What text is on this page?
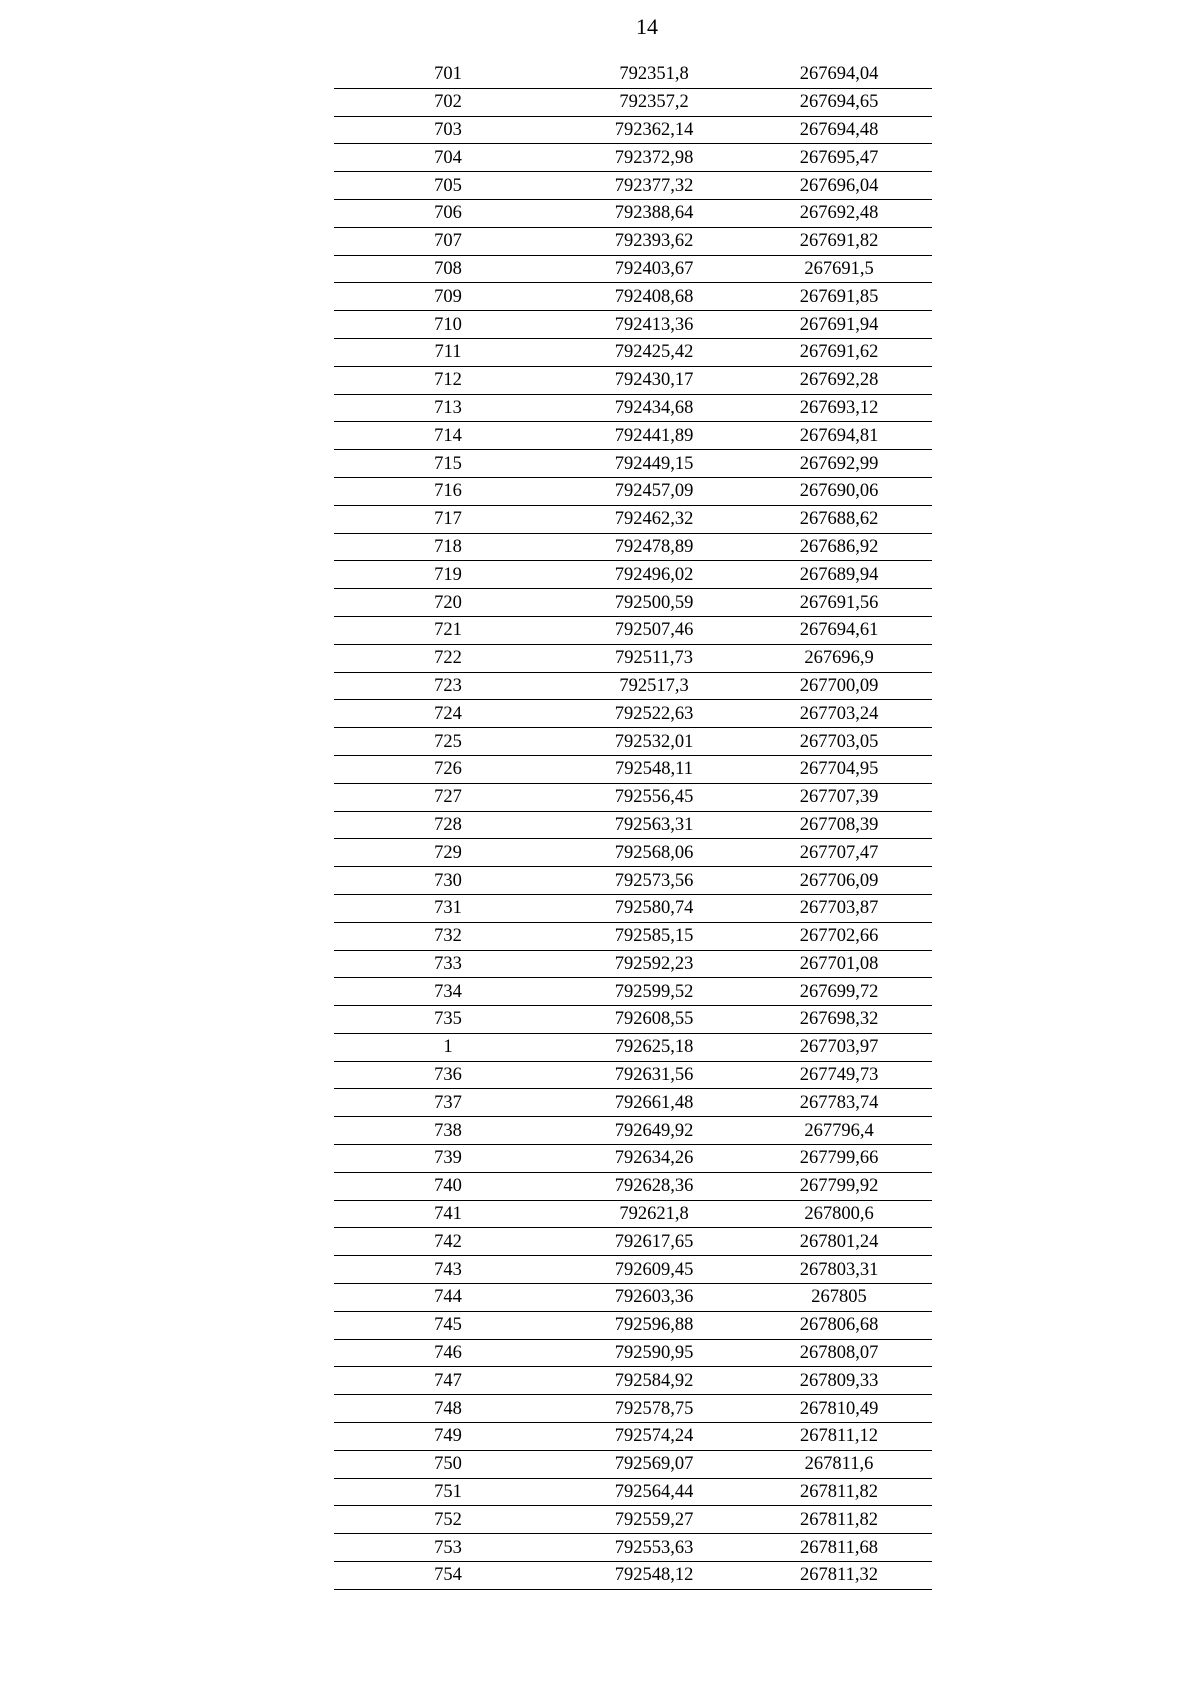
14
701	792351,8	267694,04
702	792357,2	267694,65
703	792362,14	267694,48
704	792372,98	267695,47
705	792377,32	267696,04
706	792388,64	267692,48
707	792393,62	267691,82
708	792403,67	267691,5
709	792408,68	267691,85
710	792413,36	267691,94
711	792425,42	267691,62
712	792430,17	267692,28
713	792434,68	267693,12
714	792441,89	267694,81
715	792449,15	267692,99
716	792457,09	267690,06
717	792462,32	267688,62
718	792478,89	267686,92
719	792496,02	267689,94
720	792500,59	267691,56
721	792507,46	267694,61
722	792511,73	267696,9
723	792517,3	267700,09
724	792522,63	267703,24
725	792532,01	267703,05
726	792548,11	267704,95
727	792556,45	267707,39
728	792563,31	267708,39
729	792568,06	267707,47
730	792573,56	267706,09
731	792580,74	267703,87
732	792585,15	267702,66
733	792592,23	267701,08
734	792599,52	267699,72
735	792608,55	267698,32
1	792625,18	267703,97
736	792631,56	267749,73
737	792661,48	267783,74
738	792649,92	267796,4
739	792634,26	267799,66
740	792628,36	267799,92
741	792621,8	267800,6
742	792617,65	267801,24
743	792609,45	267803,31
744	792603,36	267805
745	792596,88	267806,68
746	792590,95	267808,07
747	792584,92	267809,33
748	792578,75	267810,49
749	792574,24	267811,12
750	792569,07	267811,6
751	792564,44	267811,82
752	792559,27	267811,82
753	792553,63	267811,68
754	792548,12	267811,32
